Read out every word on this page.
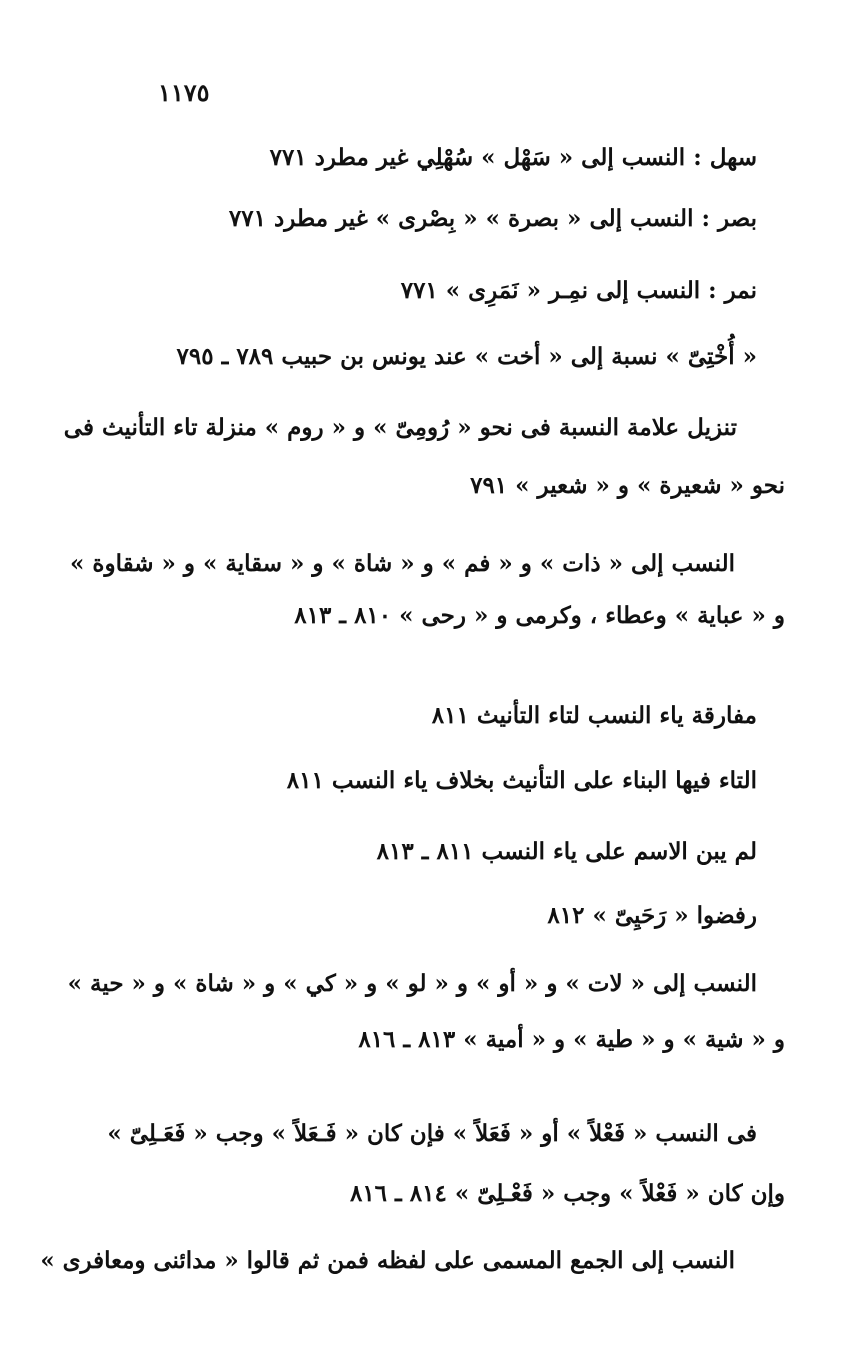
١١٧٥
سهل : النسب إلى « سَهْل » سُهْلِي غير مطرد ٧٧١
بصر : النسب إلى « بصرة » « بِصْرى » غير مطرد ٧٧١
نمر : النسب إلى نمِـر « نَمَرِى » ٧٧١
« أُخْتِىّ » نسبة إلى « أخت » عند يونس بن حبيب ٧٨٩ ـ ٧٩٥
تنزيل علامة النسبة فى نحو « رُومِىّ » و « روم » منزلة تاء التأنيث فى
نحو « شعيرة » و « شعير » ٧٩١
النسب إلى « ذات » و « فم » و « شاة » و « سقاية » و « شقاوة »
و « عباية » وعطاء ، وكرمى و « رحى » ٨١٠ ـ ٨١٣
مفارقة ياء النسب لتاء التأنيث ٨١١
التاء فيها البناء على التأنيث بخلاف ياء النسب ٨١١
لم يبن الاسم على ياء النسب ٨١١ ـ ٨١٣
رفضوا « رَحَيِىّ » ٨١٢
النسب إلى « لات » و « أو » و « لو » و « كي » و « شاة » و « حية »
و « شية » و « طية » و « أمية » ٨١٣ ـ ٨١٦
فى النسب « فَعْلاً » أو « فَعَلاً » فإن كان « فَـعَلاً » وجب « فَعَـلِىّ »
وإن كان « فَعْلاً » وجب « فَعْـلِىّ » ٨١٤ ـ ٨١٦
النسب إلى الجمع المسمى على لفظه فمن ثم قالوا « مدائنى ومعافرى »
